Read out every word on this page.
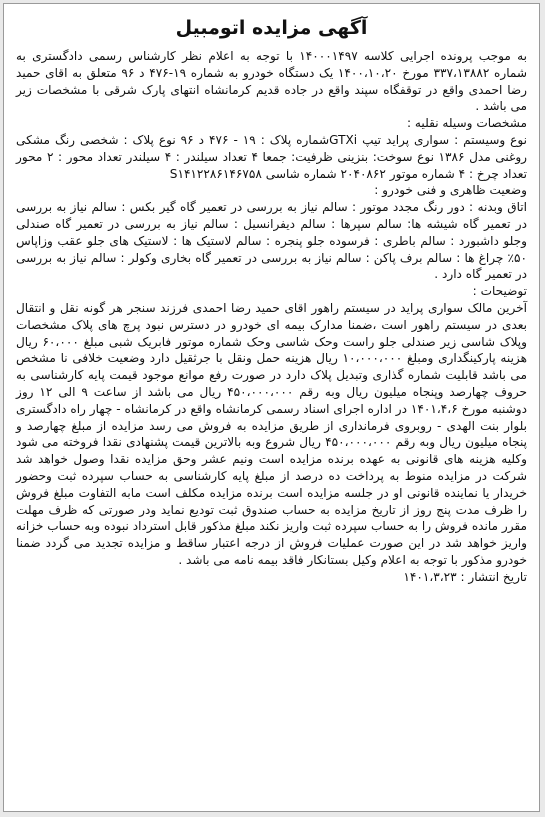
آگهی مزایده اتومبیل

به موجب پرونده اجرایی کلاسه ۱۴۰۰۰۱۴۹۷ با توجه به اعلام نظر کارشناس رسمی دادگستری به شماره ۳۳۷،۱۳۸۸۲ مورخ ۱۴۰۰،۱۰،۲۰ یک دستگاه خودرو به شماره ۱۹-۴۷۶ د ۹۶ متعلق به اقای حمید رضا احمدی واقع در توقفگاه سپند واقع در جاده قدیم کرمانشاه انتهای پارک شرقی با مشخصات زیر می باشد .

مشخصات وسیله نقلیه :

نوع وسیستم : سواری پراید تیپ GTXiشماره پلاک : ۱۹ - ۴۷۶ د ۹۶ نوع پلاک : شخصی رنگ مشکی روغنی مدل ۱۳۸۶ نوع سوخت: بنزینی ظرفیت: جمعا ۴ تعداد سیلندر : ۴ سیلندر تعداد محور : ۲ محور تعداد چرخ : ۴ شماره موتور ۲۰۴۰۸۶۲ شماره شاسی S۱۴۱۲۲۸۶۱۴۶۷۵۸

وضعیت ظاهری و فنی خودرو :

اتاق وبدنه : دور رنگ مجدد موتور : سالم نیاز به بررسی در تعمیر گاه گیر بکس : سالم نیاز به بررسی در تعمیر گاه شیشه ها: سالم سپرها : سالم دیفرانسیل : سالم نیاز به بررسی در تعمیر گاه صندلی وجلو داشبورد : سالم باطری : فرسوده جلو پنجره : سالم لاستیک ها : لاستیک های جلو عقب وزاپاس ۵۰٪ چراغ ها : سالم برف پاکن : سالم نیاز به بررسی در تعمیر گاه بخاری وکولر : سالم نیاز به بررسی در تعمیر گاه دارد .

توضیحات :

آخرین مالک سواری پراید در سیستم راهور اقای حمید رضا احمدی فرزند سنجر هر گونه نقل و انتقال بعدی در سیستم راهور است ،ضمنا مدارک بیمه ای خودرو در دسترس نبود پرچ های پلاک مشخصات وپلاک شاسی زیر صندلی جلو راست وحک شاسی وحک شماره موتور فابریک شبی مبلغ ۶۰،۰۰۰ ریال هزینه پارکینگداری ومبلغ ۱۰،۰۰۰،۰۰۰ ریال هزینه حمل ونقل با جرثقیل دارد وضعیت خلافی نا مشخص می باشد قابلیت شماره گذاری وتبدیل پلاک دارد در صورت رفع موانع موجود قیمت پایه کارشناسی به حروف چهارصد وپنجاه میلیون ریال وبه رقم ۴۵۰،۰۰۰،۰۰۰ ریال می باشد از ساعت ۹ الی ۱۲ روز دوشنبه مورخ ۱۴۰۱،۴،۶ در اداره اجرای اسناد رسمی کرمانشاه واقع در کرمانشاه - چهار راه دادگستری بلوار بنت الهدی - روبروی فرمانداری از طریق مزایده به فروش می رسد مزایده از مبلغ چهارصد و پنجاه میلیون ریال وبه رقم ۴۵۰،۰۰۰،۰۰۰ ریال شروع وبه بالاترین قیمت پشنهادی نقدا فروخته می شود وکلیه هزینه های قانونی به عهده برنده مزایده است ونیم عشر وحق مزایده نقدا وصول خواهد شد شرکت در مزایده منوط به پرداخت ده درصد از مبلغ پایه کارشناسی به حساب سپرده ثبت وحضور خریدار یا نماینده قانونی او در جلسه مزایده است برنده مزایده مکلف است مابه التفاوت مبلغ فروش را ظرف مدت پنج روز از تاریخ مزایده به حساب صندوق ثبت تودیع نماید ودر صورتی که ظرف مهلت مقرر مانده فروش را به حساب سپرده ثبت واریز نکند مبلغ مذکور قابل استرداد نبوده وبه حساب خزانه واریز خواهد شد در این صورت عملیات فروش از درجه اعتبار ساقط و مزایده تجدید می گردد ضمنا خودرو مذکور با توجه به اعلام وکیل بستانکار فاقد بیمه نامه می باشد .

تاریخ انتشار : ۱۴۰۱،۳،۲۳
